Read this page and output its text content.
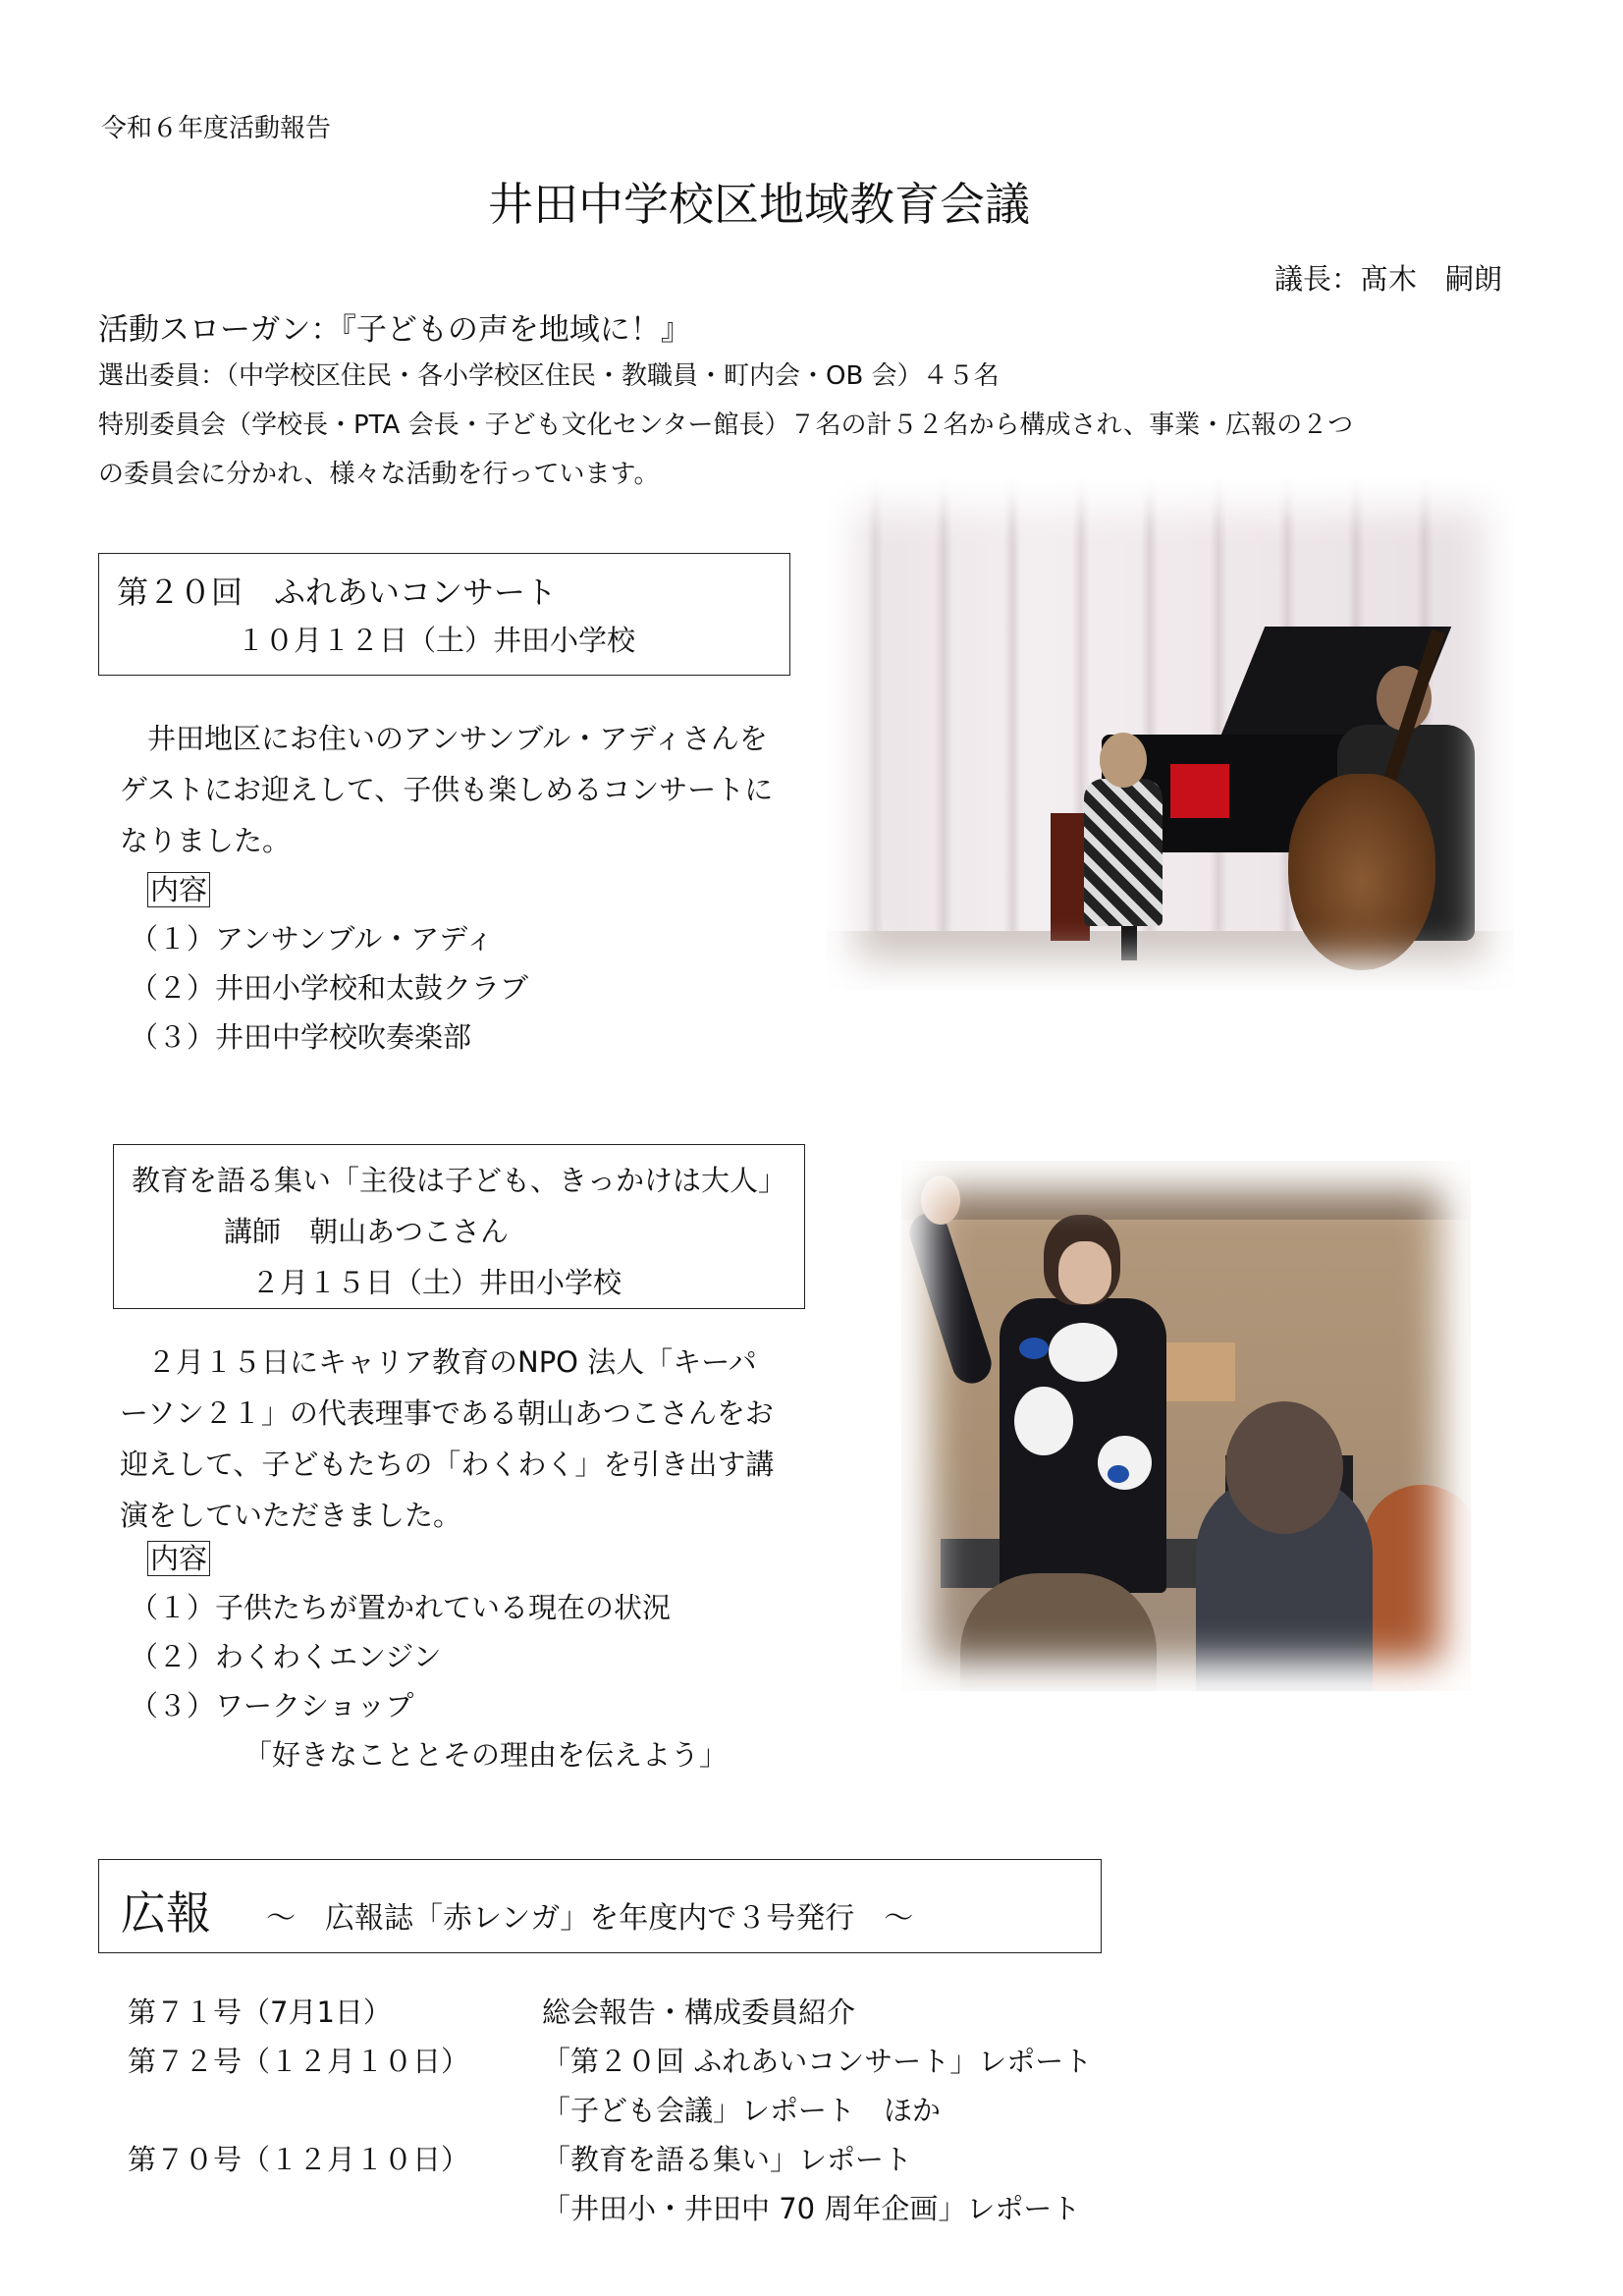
令和６年度活動報告
井田中学校区地域教育会議
議長：髙木　嗣朗
活動スローガン：『子どもの声を地域に！』
選出委員：（中学校区住民・各小学校区住民・教職員・町内会・OB 会）４５名
特別委員会（学校長・PTA 会長・子ども文化センター館長）７名の計５２名から構成され、事業・広報の２つ
の委員会に分かれ、様々な活動を行っています。
第２０回　ふれあいコンサート
１０月１２日（土）井田小学校
井田地区にお住いのアンサンブル・アディさんを
ゲストにお迎えして、子供も楽しめるコンサートに
なりました。
内容
（１）アンサンブル・アディ
（２）井田小学校和太鼓クラブ
（３）井田中学校吹奏楽部
教育を語る集い「主役は子ども、きっかけは大人」
講師　朝山あつこさん
２月１５日（土）井田小学校
２月１５日にキャリア教育のNPO 法人「キーパ
ーソン２１」の代表理事である朝山あつこさんをお
迎えして、子どもたちの「わくわく」を引き出す講
演をしていただきました。
内容
（１）子供たちが置かれている現在の状況
（２）わくわくエンジン
（３）ワークショップ
「好きなこととその理由を伝えよう」
広報 ～　広報誌「赤レンガ」を年度内で３号発行　～
第７１号（7月1日）	総会報告・構成委員紹介
第７２号（１２月１０日）	「第２０回 ふれあいコンサート」レポート
「子ども会議」レポート　ほか
第７０号（１２月１０日）	「教育を語る集い」レポート
「井田小・井田中 70 周年企画」レポート
